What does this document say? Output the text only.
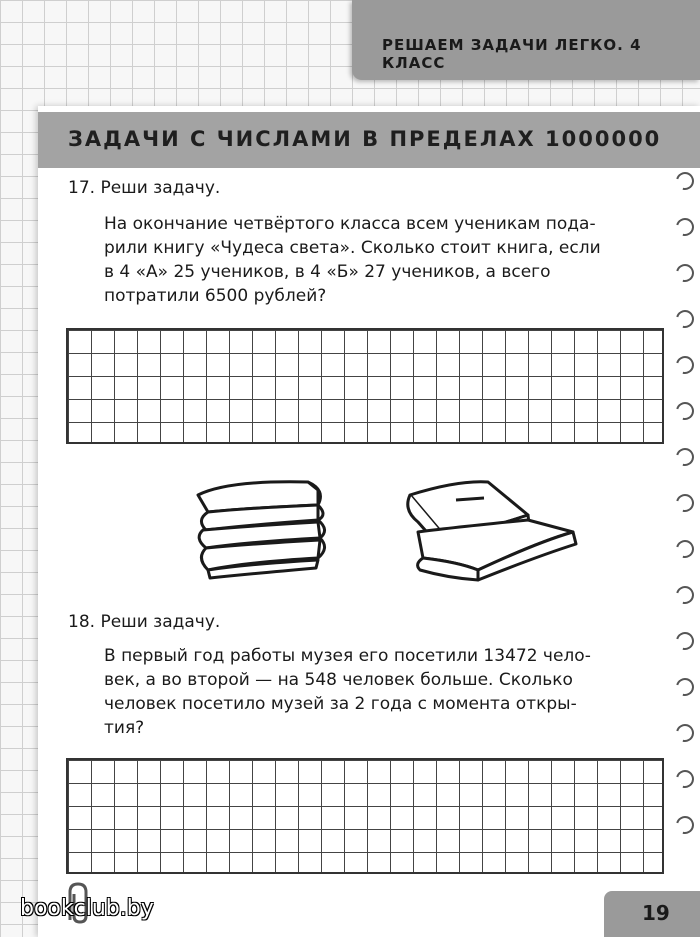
РЕШАЕМ ЗАДАЧИ ЛЕГКО. 4 КЛАСС
ЗАДАЧИ С ЧИСЛАМИ В ПРЕДЕЛАХ 1000000
17. Реши задачу.
На окончание четвёртого класса всем ученикам пода-
рили книгу «Чудеса света». Сколько стоит книга, если
в 4 «А» 25 учеников, в 4 «Б» 27 учеников, а всего
потратили 6500 рублей?
18. Реши задачу.
В первый год работы музея его посетили 13472 чело-
век, а во второй — на 548 человек больше. Сколько
человек посетило музей за 2 года с момента откры-
тия?
bookclub.by	19
